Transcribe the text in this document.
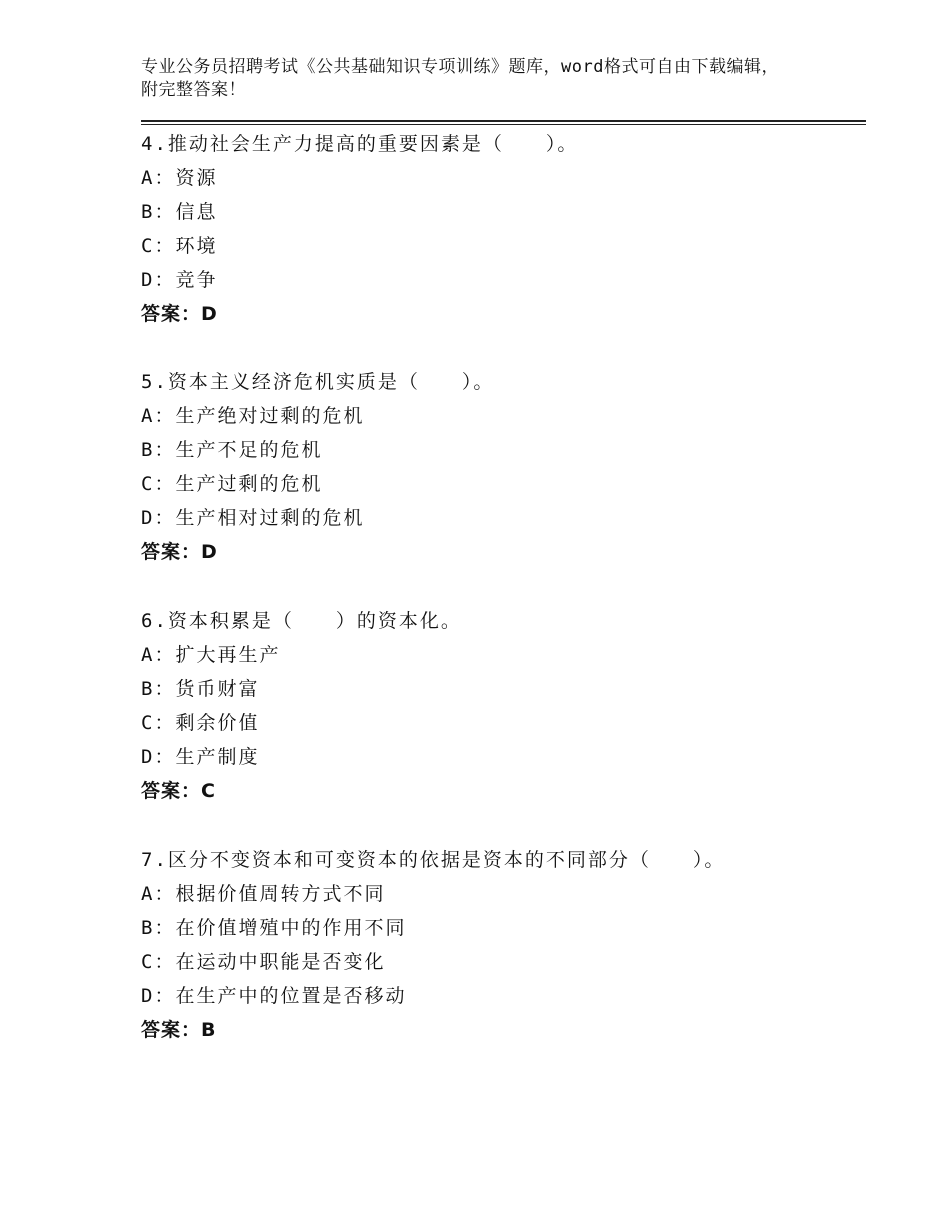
专业公务员招聘考试《公共基础知识专项训练》题库，word格式可自由下载编辑，附完整答案！
4.推动社会生产力提高的重要因素是（　　）。
A：资源
B：信息
C：环境
D：竞争
答案：D
5.资本主义经济危机实质是（　　）。
A：生产绝对过剩的危机
B：生产不足的危机
C：生产过剩的危机
D：生产相对过剩的危机
答案：D
6.资本积累是（　　）的资本化。
A：扩大再生产
B：货币财富
C：剩余价值
D：生产制度
答案：C
7.区分不变资本和可变资本的依据是资本的不同部分（　　）。
A：根据价值周转方式不同
B：在价值增殖中的作用不同
C：在运动中职能是否变化
D：在生产中的位置是否移动
答案：B
